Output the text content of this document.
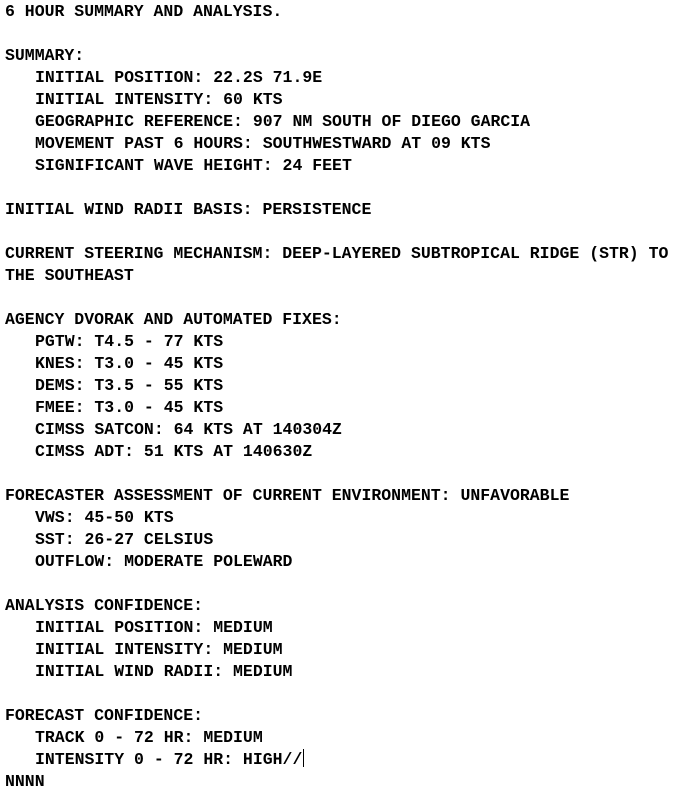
6 HOUR SUMMARY AND ANALYSIS.
SUMMARY:
INITIAL POSITION: 22.2S 71.9E
INITIAL INTENSITY: 60 KTS
GEOGRAPHIC REFERENCE: 907 NM SOUTH OF DIEGO GARCIA
MOVEMENT PAST 6 HOURS: SOUTHWESTWARD AT 09 KTS
SIGNIFICANT WAVE HEIGHT: 24 FEET
INITIAL WIND RADII BASIS: PERSISTENCE
CURRENT STEERING MECHANISM: DEEP-LAYERED SUBTROPICAL RIDGE (STR) TO
THE SOUTHEAST
AGENCY DVORAK AND AUTOMATED FIXES:
PGTW: T4.5 - 77 KTS
KNES: T3.0 - 45 KTS
DEMS: T3.5 - 55 KTS
FMEE: T3.0 - 45 KTS
CIMSS SATCON: 64 KTS AT 140304Z
CIMSS ADT: 51 KTS AT 140630Z
FORECASTER ASSESSMENT OF CURRENT ENVIRONMENT: UNFAVORABLE
VWS: 45-50 KTS
SST: 26-27 CELSIUS
OUTFLOW: MODERATE POLEWARD
ANALYSIS CONFIDENCE:
INITIAL POSITION: MEDIUM
INITIAL INTENSITY: MEDIUM
INITIAL WIND RADII: MEDIUM
FORECAST CONFIDENCE:
TRACK 0 - 72 HR: MEDIUM
INTENSITY 0 - 72 HR: HIGH//
NNNN
